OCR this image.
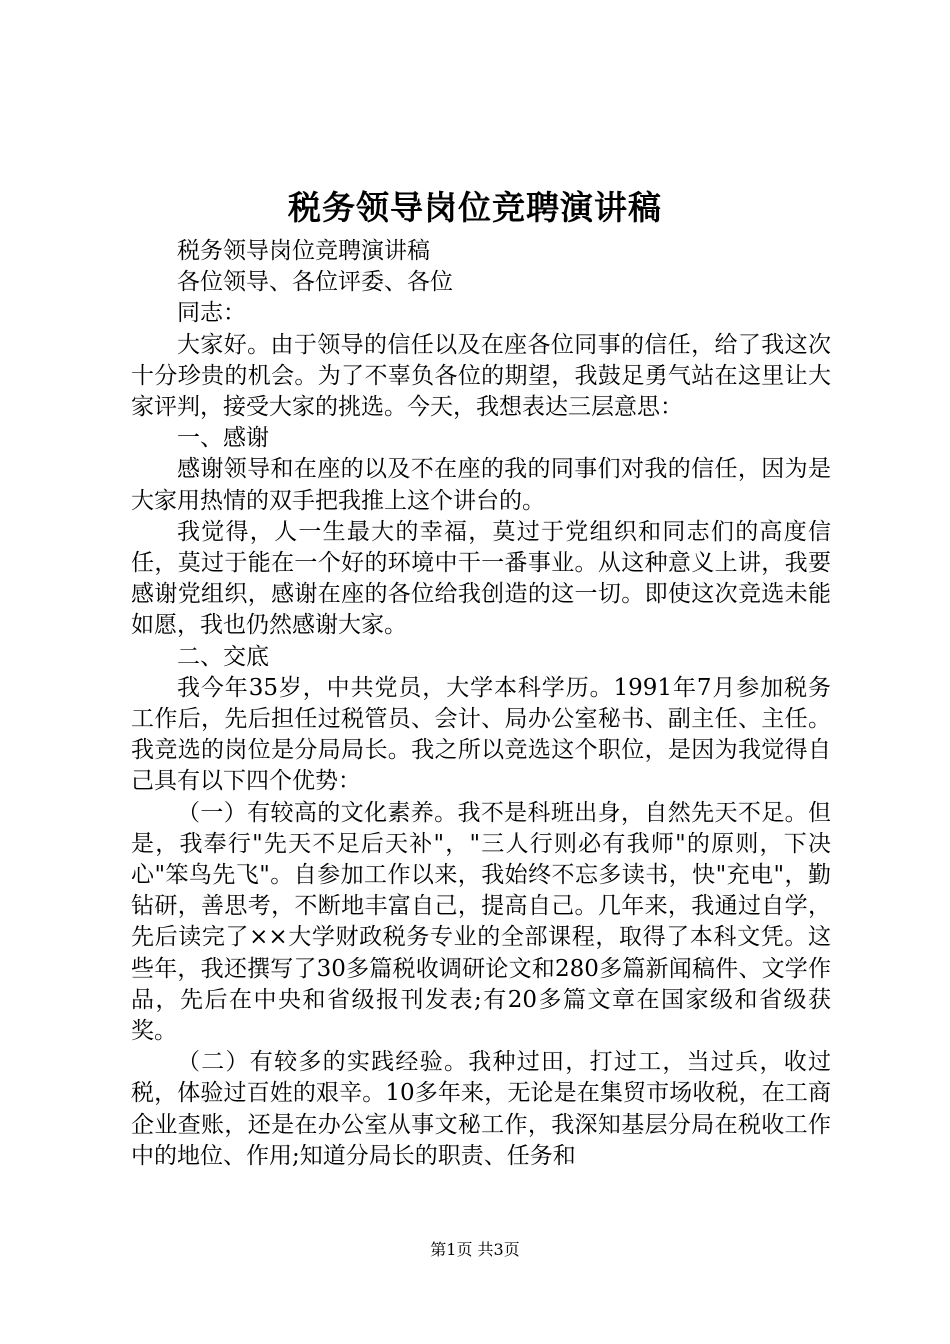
税务领导岗位竞聘演讲稿

税务领导岗位竞聘演讲稿

各位领导、各位评委、各位

同志：

大家好。由于领导的信任以及在座各位同事的信任，给了我这次十分珍贵的机会。为了不辜负各位的期望，我鼓足勇气站在这里让大家评判，接受大家的挑选。今天，我想表达三层意思：

一、感谢

感谢领导和在座的以及不在座的我的同事们对我的信任，因为是大家用热情的双手把我推上这个讲台的。

我觉得，人一生最大的幸福，莫过于党组织和同志们的高度信任，莫过于能在一个好的环境中干一番事业。从这种意义上讲，我要感谢党组织，感谢在座的各位给我创造的这一切。即使这次竞选未能如愿，我也仍然感谢大家。

二、交底

我今年35岁，中共党员，大学本科学历。1991年7月参加税务工作后，先后担任过税管员、会计、局办公室秘书、副主任、主任。我竞选的岗位是分局局长。我之所以竞选这个职位，是因为我觉得自己具有以下四个优势：

（一）有较高的文化素养。我不是科班出身，自然先天不足。但是，我奉行"先天不足后天补"，"三人行则必有我师"的原则，下决心"笨鸟先飞"。自参加工作以来，我始终不忘多读书，快"充电"，勤钻研，善思考，不断地丰富自己，提高自己。几年来，我通过自学，先后读完了××大学财政税务专业的全部课程，取得了本科文凭。这些年，我还撰写了30多篇税收调研论文和280多篇新闻稿件、文学作品，先后在中央和省级报刊发表;有20多篇文章在国家级和省级获奖。

（二）有较多的实践经验。我种过田，打过工，当过兵，收过税，体验过百姓的艰辛。10多年来，无论是在集贸市场收税，在工商企业查账，还是在办公室从事文秘工作，我深知基层分局在税收工作中的地位、作用;知道分局长的职责、任务和

第1页 共3页
